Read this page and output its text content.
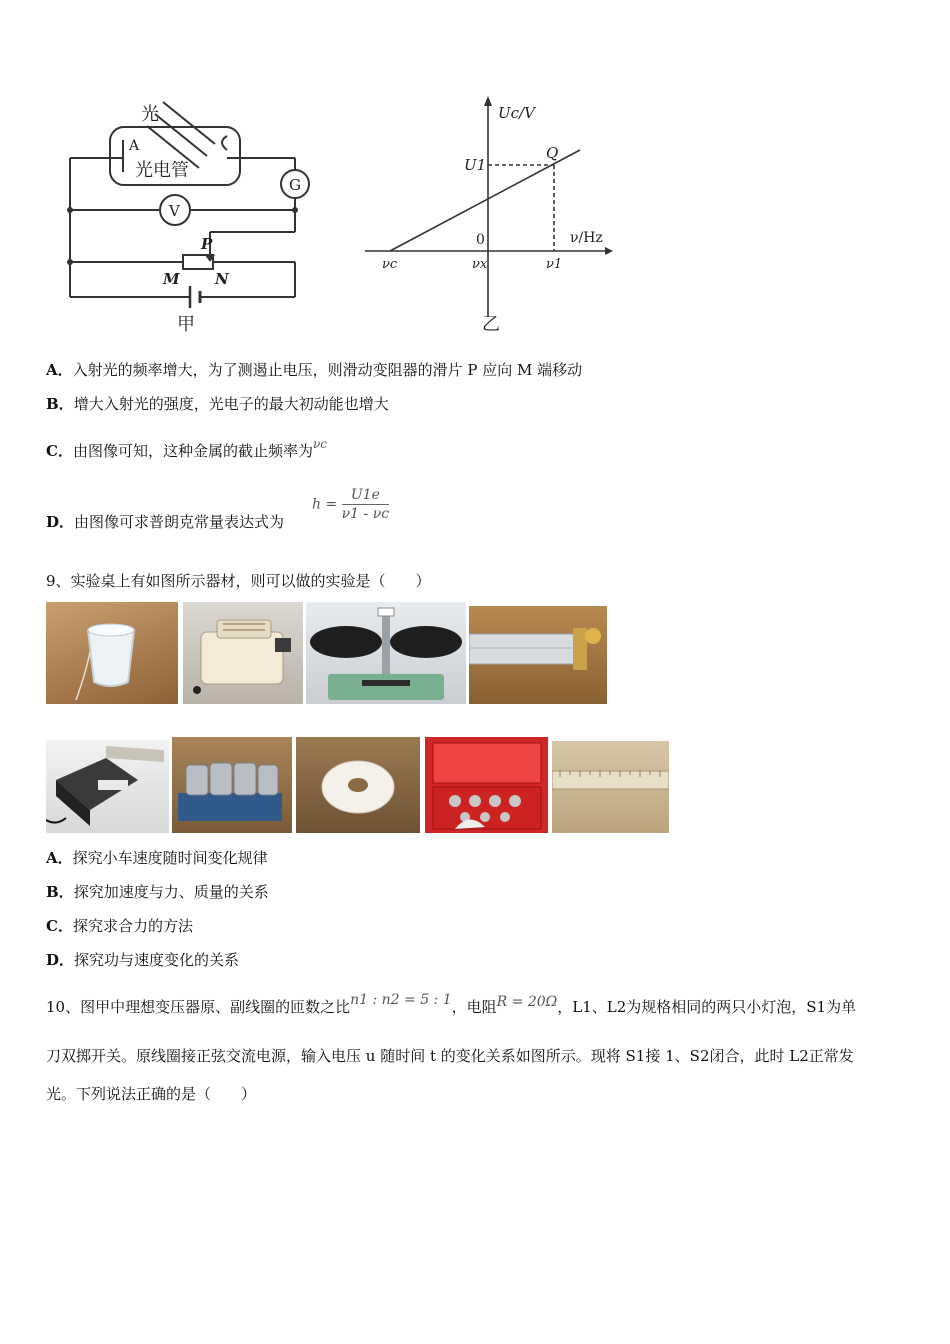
光
A
光电管
G
V
P
M N
甲
Uc/V
ν/Hz
U1
Q
0
νc	νx	ν1
乙
A．入射光的频率增大，为了测遏止电压，则滑动变阻器的滑片 P 应向 M 端移动
B．增大入射光的强度，光电子的最大初动能也增大
C．由图像可知，这种金属的截止频率为$^{\nu c}$
D．由图像可求普朗克常量表达式为
$h = \frac{U1e}{\nu 1 - \nu c}$
9、实验桌上有如图所示器材，则可以做的实验是（　　）
A．探究小车速度随时间变化规律
B．探究加速度与力、质量的关系
C．探究求合力的方法
D．探究功与速度变化的关系
10、图甲中理想变压器原、副线圈的匝数之比n1 : n2 = 5 : 1，电阻R = 20Ω，L1、L2为规格相同的两只小灯泡，S1为单
刀双掷开关。原线圈接正弦交流电源，输入电压 u 随时间 t 的变化关系如图所示。现将 S1接 1、S2闭合，此时 L2正常发
光。下列说法正确的是（　　）
